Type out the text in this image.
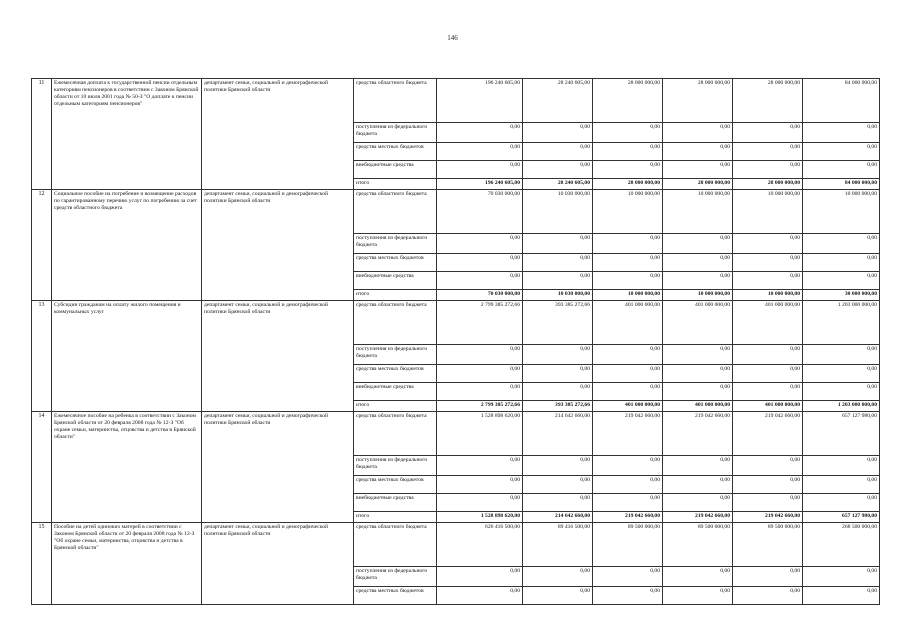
146
11	Ежемесячная доплата к государственной пенсии отдельным категориям пенсионеров в соответствии с Законом Брянской области от 10 июля 2001 года № 50-З "О доплате к пенсии отдельным категориям пенсионеров"	департамент семьи, социальной и демографической политики Брянской области	средства областного бюджета	196 240 605,00	28 240 605,00	28 000 000,00	28 000 000,00	28 000 000,00	84 000 000,00
			поступления из федерального бюджета	0,00	0,00	0,00	0,00	0,00	0,00
			средства местных бюджетов	0,00	0,00	0,00	0,00	0,00	0,00
			внебюджетные средства	0,00	0,00	0,00	0,00	0,00	0,00
			итого	196 240 605,00	28 240 605,00	28 000 000,00	28 000 000,00	28 000 000,00	84 000 000,00
12	Социальное пособие на погребение и возмещение расходов по гарантированному перечню услуг по погребению за счет средств областного бюджета	департамент семьи, социальной и демографической политики Брянской области	средства областного бюджета	70 030 000,00	10 030 000,00	10 000 000,00	10 000 000,00	10 000 000,00	10 000 000,00
			поступления из федерального бюджета	0,00	0,00	0,00	0,00	0,00	0,00
			средства местных бюджетов	0,00	0,00	0,00	0,00	0,00	0,00
			внебюджетные средства	0,00	0,00	0,00	0,00	0,00	0,00
			итого	70 030 000,00	10 030 000,00	10 000 000,00	10 000 000,00	10 000 000,00	30 000 000,00
13	Субсидии гражданам на оплату жилого помещения и коммунальных услуг	департамент семьи, социальной и демографической политики Брянской области	средства областного бюджета	2 799 385 272,66	393 385 272,66	401 000 000,00	401 000 000,00	401 000 000,00	1 203 000 000,00
			поступления из федерального бюджета	0,00	0,00	0,00	0,00	0,00	0,00
			средства местных бюджетов	0,00	0,00	0,00	0,00	0,00	0,00
			внебюджетные средства	0,00	0,00	0,00	0,00	0,00	0,00
			итого	2 799 385 272,66	393 385 272,66	401 000 000,00	401 000 000,00	401 000 000,00	1 203 000 000,00
14	Ежемесячное пособие на ребенка в соответствии с Законом Брянской области от 20 февраля 2008 года № 12-З "Об охране семьи, материнства, отцовства и детства в Брянской области"	департамент семьи, социальной и демографической политики Брянской области	средства областного бюджета	1 528 898 620,00	214 642 660,00	219 042 660,00	219 042 660,00	219 042 660,00	657 127 980,00
			поступления из федерального бюджета	0,00	0,00	0,00	0,00	0,00	0,00
			средства местных бюджетов	0,00	0,00	0,00	0,00	0,00	0,00
			внебюджетные средства	0,00	0,00	0,00	0,00	0,00	0,00
			итого	1 528 898 620,00	214 642 660,00	219 042 660,00	219 042 660,00	219 042 660,00	657 127 980,00
15	Пособие на детей одиноких матерей в соответствии с Законом Брянской области от 20 февраля 2008 года № 12-З "Об охране семьи, материнства, отцовства и детства в Брянской области"	департамент семьи, социальной и демографической политики Брянской области	средства областного бюджета	626 416 500,00	89 416 500,00	89 500 000,00	89 500 000,00	89 500 000,00	268 500 000,00
			поступления из федерального бюджета	0,00	0,00	0,00	0,00	0,00	0,00
			средства местных бюджетов	0,00	0,00	0,00	0,00	0,00	0,00
